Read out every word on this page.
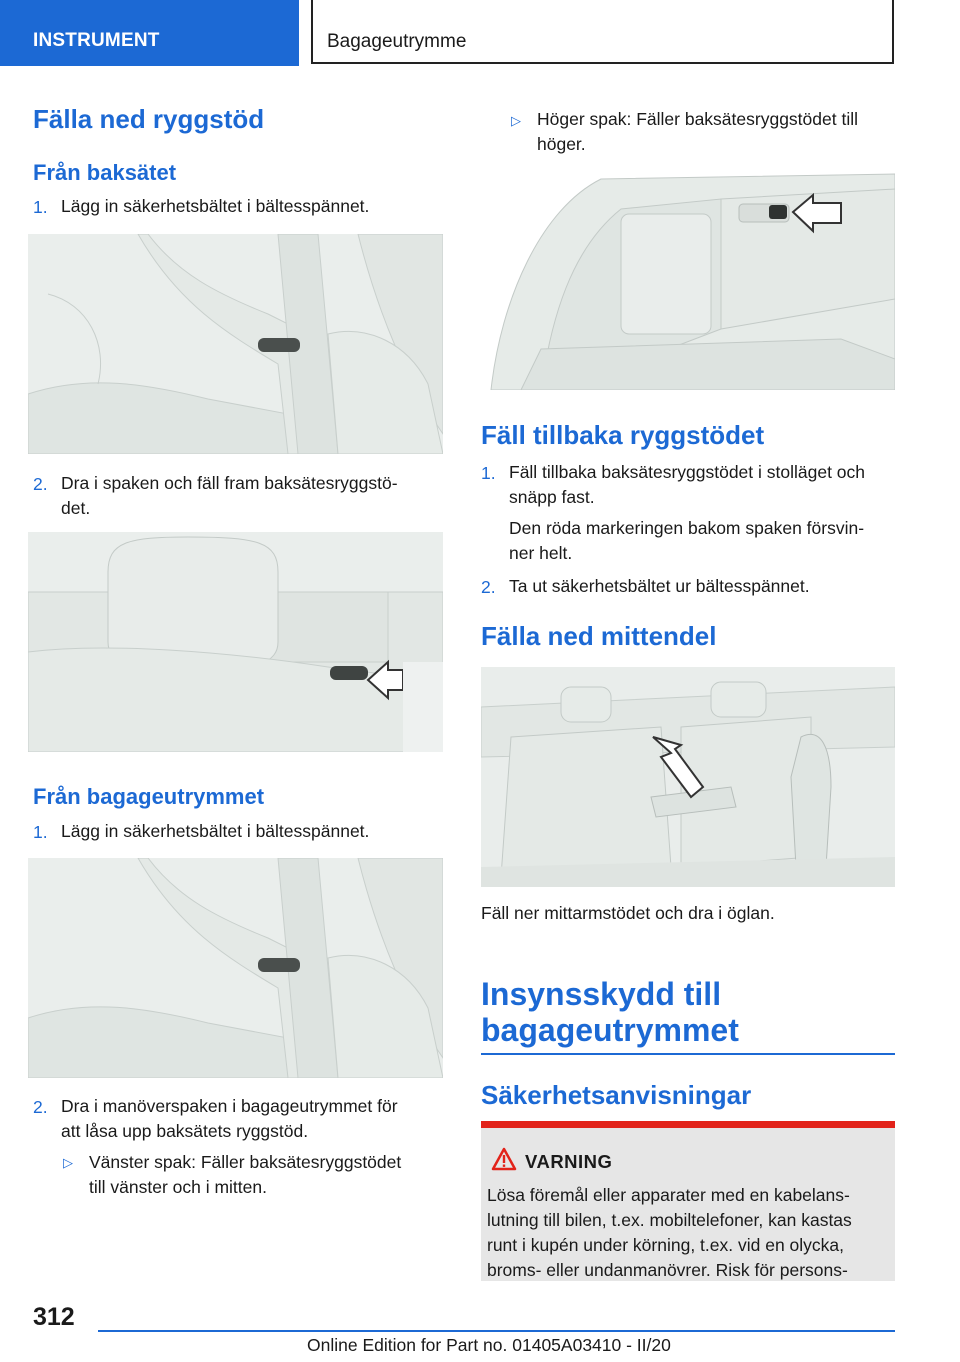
INSTRUMENT	Bagageutrymme
Fälla ned ryggstöd
Från baksätet
1. Lägg in säkerhetsbältet i bältesspännet.
2. Dra i spaken och fäll fram baksätesryggstö-
det.
Från bagageutrymmet
1. Lägg in säkerhetsbältet i bältesspännet.
2. Dra i manöverspaken i bagageutrymmet för
att låsa upp baksätets ryggstöd.
▷ Vänster spak: Fäller baksätesryggstödet
till vänster och i mitten.
▷ Höger spak: Fäller baksätesryggstödet till
höger.
Fäll tillbaka ryggstödet
1. Fäll tillbaka baksätesryggstödet i stolläget och
snäpp fast.
Den röda markeringen bakom spaken försvin-
ner helt.
2. Ta ut säkerhetsbältet ur bältesspännet.
Fälla ned mittendel
Fäll ner mittarmstödet och dra i öglan.
Insynsskydd till
bagageutrymmet
Säkerhetsanvisningar
VARNING
Lösa föremål eller apparater med en kabelans-
lutning till bilen, t.ex. mobiltelefoner, kan kastas
runt i kupén under körning, t.ex. vid en olycka,
broms- eller undanmanövrer. Risk för persons-
312
Online Edition for Part no. 01405A03410 - II/20
